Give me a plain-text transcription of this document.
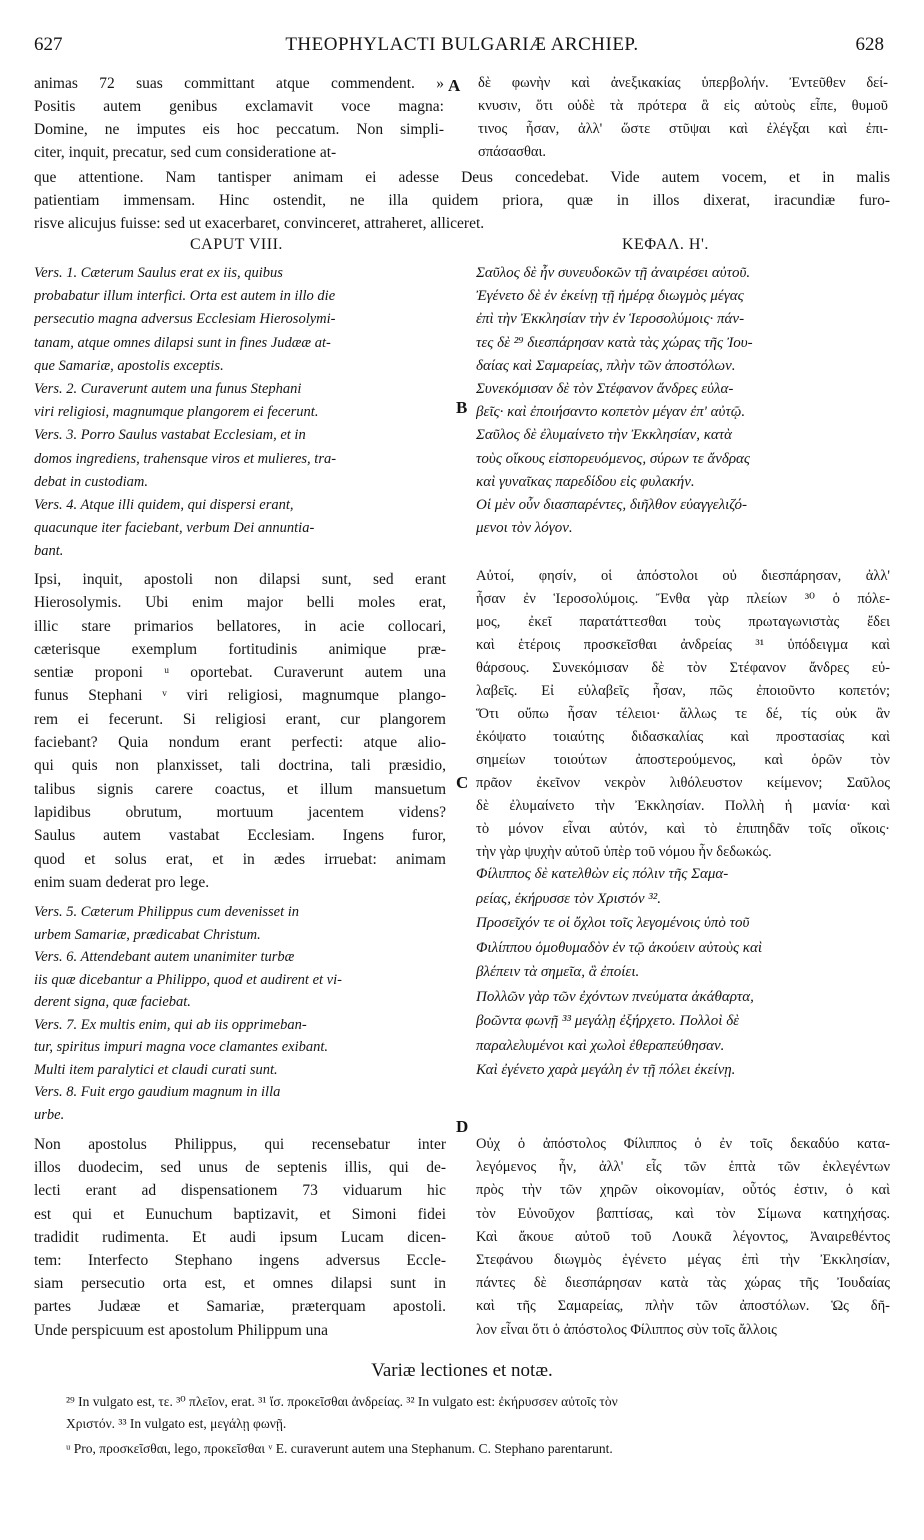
627	THEOPHYLACTI BULGARIÆ ARCHIEP.	628
A
B
C
D
animas 72 suas committant atque commendent. »
Positis autem genibus exclamavit voce magna:
Domine, ne imputes eis hoc peccatum. Non simpli-
citer, inquit, precatur, sed cum consideratione at-
δὲ φωνὴν καὶ ἀνεξικακίας ὑπερβολήν. Ἐντεῦθεν δεί-
κνυσιν, ὅτι οὐδὲ τὰ πρότερα ἃ εἰς αὐτοὺς εἶπε, θυμοῦ
τινος ἦσαν, ἀλλ' ὥστε στῦψαι καὶ ἐλέγξαι καὶ ἐπι-
σπάσασθαι.
que attentione. Nam tantisper animam ei adesse Deus concedebat. Vide autem vocem, et in malis
patientiam immensam. Hinc ostendit, ne illa quidem priora, quæ in illos dixerat, iracundiæ furo-
risve alicujus fuisse: sed ut exacerbaret, convinceret, attraheret, alliceret.
CAPUT VIII.	ΚΕΦΑΛ. Η'.
Vers. 1. Cæterum Saulus erat ex iis, quibus
probabatur illum interfici. Orta est autem in illo die
persecutio magna adversus Ecclesiam Hierosolymi-
tanam, atque omnes dilapsi sunt in fines Judææ at-
que Samariæ, apostolis exceptis.
Vers. 2. Curaverunt autem una funus Stephani
viri religiosi, magnumque plangorem ei fecerunt.
Vers. 3. Porro Saulus vastabat Ecclesiam, et in
domos ingrediens, trahensque viros et mulieres, tra-
debat in custodiam.
Vers. 4. Atque illi quidem, qui dispersi erant,
quacunque iter faciebant, verbum Dei annuntia-
bant.
Ipsi, inquit, apostoli non dilapsi sunt, sed erant
Hierosolymis. Ubi enim major belli moles erat,
illic stare primarios bellatores, in acie collocari,
cæterisque exemplum fortitudinis animique præ-
sentiæ proponi ᵘ oportebat. Curaverunt autem una
funus Stephani ᵛ viri religiosi, magnumque plango-
rem ei fecerunt. Si religiosi erant, cur plangorem
faciebant? Quia nondum erant perfecti: atque alio-
qui quis non planxisset, tali doctrina, tali præsidio,
talibus signis carere coactus, et illum mansuetum
lapidibus obrutum, mortuum jacentem videns?
Saulus autem vastabat Ecclesiam. Ingens furor,
quod et solus erat, et in ædes irruebat: animam
enim suam dederat pro lege.
Vers. 5. Cæterum Philippus cum devenisset in
urbem Samariæ, prædicabat Christum.
Vers. 6. Attendebant autem unanimiter turbæ
iis quæ dicebantur a Philippo, quod et audirent et vi-
derent signa, quæ faciebat.
Vers. 7. Ex multis enim, qui ab iis opprimeban-
tur, spiritus impuri magna voce clamantes exibant.
Multi item paralytici et claudi curati sunt.
Vers. 8. Fuit ergo gaudium magnum in illa
urbe.
Non apostolus Philippus, qui recensebatur inter
illos duodecim, sed unus de septenis illis, qui de-
lecti erant ad dispensationem 73 viduarum hic
est qui et Eunuchum baptizavit, et Simoni fidei
tradidit rudimenta. Et audi ipsum Lucam dicen-
tem: Interfecto Stephano ingens adversus Eccle-
siam persecutio orta est, et omnes dilapsi sunt in
partes Judææ et Samariæ, præterquam apostoli.
Unde perspicuum est apostolum Philippum una
Σαῦλος δὲ ἦν συνευδοκῶν τῇ ἀναιρέσει αὐτοῦ.
Ἐγένετο δὲ ἐν ἐκείνῃ τῇ ἡμέρᾳ διωγμὸς μέγας
ἐπὶ τὴν Ἐκκλησίαν τὴν ἐν Ἱεροσολύμοις· πάν-
τες δὲ ²⁹ διεσπάρησαν κατὰ τὰς χώρας τῆς Ἰου-
δαίας καὶ Σαμαρείας, πλὴν τῶν ἀποστόλων.
Συνεκόμισαν δὲ τὸν Στέφανον ἄνδρες εὐλα-
βεῖς· καὶ ἐποιήσαντο κοπετὸν μέγαν ἐπ' αὐτῷ.
Σαῦλος δὲ ἐλυμαίνετο τὴν Ἐκκλησίαν, κατὰ
τοὺς οἴκους εἰσπορευόμενος, σύρων τε ἄνδρας
καὶ γυναῖκας παρεδίδου εἰς φυλακήν.
Οἱ μὲν οὖν διασπαρέντες, διῆλθον εὐαγγελιζό-
μενοι τὸν λόγον.
Αὐτοί, φησίν, οἱ ἀπόστολοι οὐ διεσπάρησαν, ἀλλ'
ἦσαν ἐν Ἱεροσολύμοις. Ἔνθα γὰρ πλείων ³⁰ ὁ πόλε-
μος, ἐκεῖ παρατάττεσθαι τοὺς πρωταγωνιστὰς ἔδει
καὶ ἑτέροις προσκεῖσθαι ἀνδρείας ³¹ ὑπόδειγμα καὶ
θάρσους. Συνεκόμισαν δὲ τὸν Στέφανον ἄνδρες εὐ-
λαβεῖς. Εἰ εὐλαβεῖς ἦσαν, πῶς ἐποιοῦντο κοπετόν;
Ὅτι οὔπω ἦσαν τέλειοι· ἄλλως τε δέ, τίς οὐκ ἂν
ἐκόψατο τοιαύτης διδασκαλίας καὶ προστασίας καὶ
σημείων τοιούτων ἀποστερούμενος, καὶ ὁρῶν τὸν
πρᾶον ἐκεῖνον νεκρὸν λιθόλευστον κείμενον; Σαῦλος
δὲ ἐλυμαίνετο τὴν Ἐκκλησίαν. Πολλὴ ἡ μανία· καὶ
τὸ μόνον εἶναι αὐτόν, καὶ τὸ ἐπιπηδᾶν τοῖς οἴκοις·
τὴν γὰρ ψυχὴν αὐτοῦ ὑπὲρ τοῦ νόμου ἦν δεδωκώς.
Φίλιππος δὲ κατελθὼν εἰς πόλιν τῆς Σαμα-
ρείας, ἐκήρυσσε τὸν Χριστόν ³².
Προσεῖχόν τε οἱ ὄχλοι τοῖς λεγομένοις ὑπὸ τοῦ
Φιλίππου ὁμοθυμαδὸν ἐν τῷ ἀκούειν αὐτοὺς καὶ
βλέπειν τὰ σημεῖα, ἃ ἐποίει.
Πολλῶν γὰρ τῶν ἐχόντων πνεύματα ἀκάθαρτα,
βοῶντα φωνῇ ³³ μεγάλῃ ἐξήρχετο. Πολλοὶ δὲ
παραλελυμένοι καὶ χωλοὶ ἐθεραπεύθησαν.
Καὶ ἐγένετο χαρὰ μεγάλη ἐν τῇ πόλει ἐκείνῃ.
Οὐχ ὁ ἀπόστολος Φίλιππος ὁ ἐν τοῖς δεκαδύο κατα-
λεγόμενος ἦν, ἀλλ' εἷς τῶν ἑπτὰ τῶν ἐκλεγέντων
πρὸς τὴν τῶν χηρῶν οἰκονομίαν, οὗτός ἐστιν, ὁ καὶ
τὸν Εὐνοῦχον βαπτίσας, καὶ τὸν Σίμωνα κατηχήσας.
Καὶ ἄκουε αὐτοῦ τοῦ Λουκᾶ λέγοντος, Ἀναιρεθέντος
Στεφάνου διωγμὸς ἐγένετο μέγας ἐπὶ τὴν Ἐκκλησίαν,
πάντες δὲ διεσπάρησαν κατὰ τὰς χώρας τῆς Ἰουδαίας
καὶ τῆς Σαμαρείας, πλὴν τῶν ἀποστόλων. Ὡς δῆ-
λον εἶναι ὅτι ὁ ἀπόστολος Φίλιππος σὺν τοῖς ἄλλοις
Variæ lectiones et notæ.
²⁹ In vulgato est, τε. ³⁰ πλεῖον, erat. ³¹ ἴσ. προκεῖσθαι ἀνδρείας. ³² In vulgato est: ἐκήρυσσεν αὐτοῖς τὸν
Χριστόν. ³³ In vulgato est, μεγάλῃ φωνῇ.
ᵘ Pro, προσκεῖσθαι, lego, προκεῖσθαι ᵛ E. curaverunt autem una Stephanum. C. Stephano parentarunt.
